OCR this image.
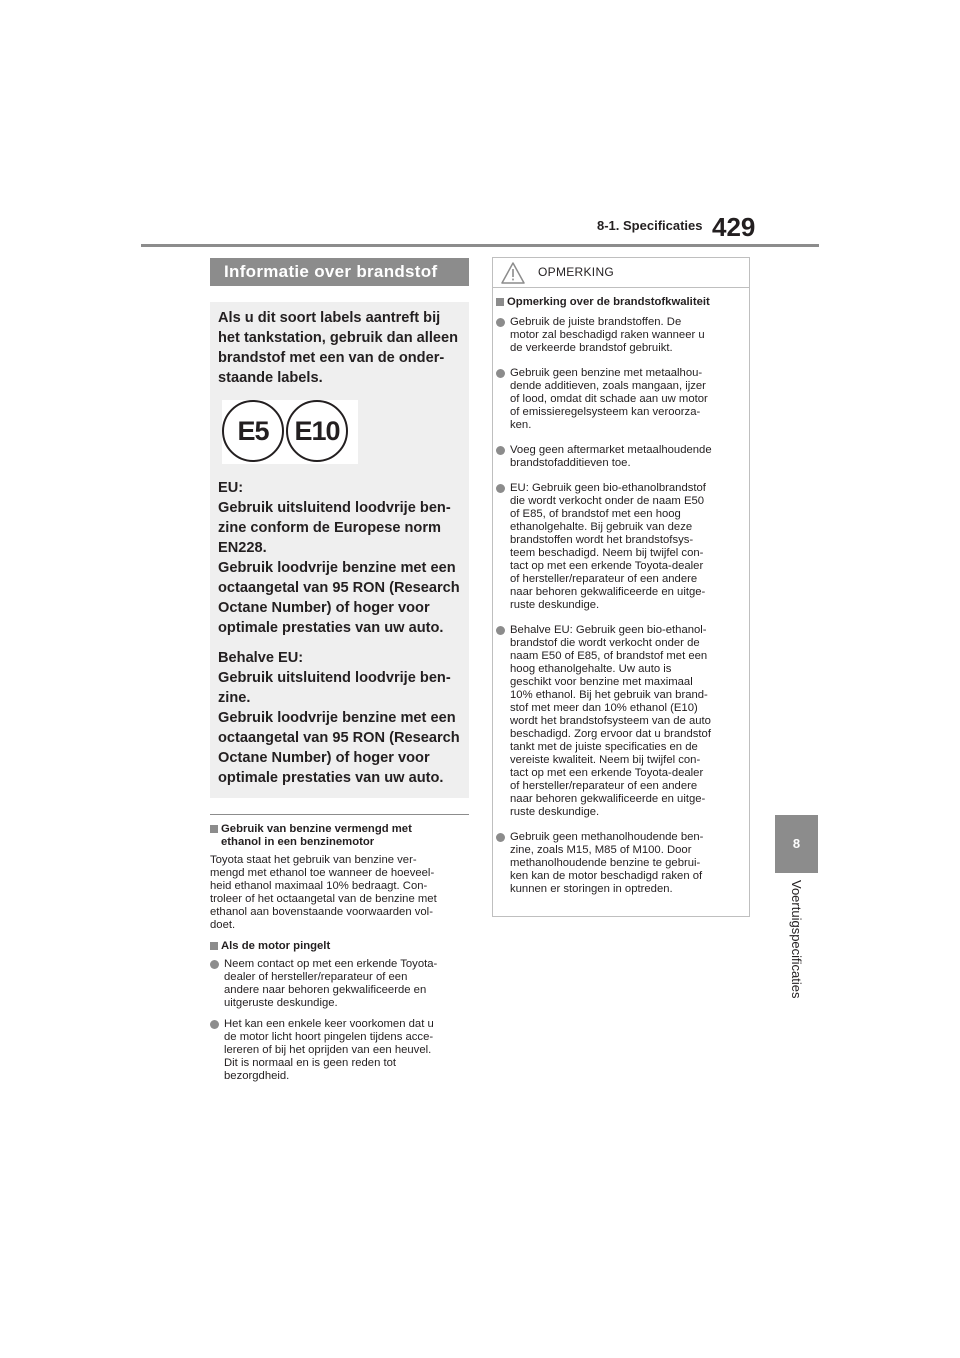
8-1. Specificaties 429
8
Voertuigspecificaties
Informatie over brandstof

Als u dit soort labels aantreft bij

het tankstation, gebruik dan alleen

brandstof met een van de onder-

staande labels.

E5 E10

EU:

Gebruik uitsluitend loodvrije ben-

zine conform de Europese norm

EN228.

Gebruik loodvrije benzine met een

octaangetal van 95 RON (Research

Octane Number) of hoger voor

optimale prestaties van uw auto.

Behalve EU:

Gebruik uitsluitend loodvrije ben-

zine.

Gebruik loodvrije benzine met een

octaangetal van 95 RON (Research

Octane Number) of hoger voor

optimale prestaties van uw auto.

Gebruik van benzine vermengd met
ethanol in een benzinemotor
Toyota staat het gebruik van benzine ver-
mengd met ethanol toe wanneer de hoeveel-
heid ethanol maximaal 10% bedraagt. Con-
troleer of het octaangetal van de benzine met
ethanol aan bovenstaande voorwaarden vol-
doet.
Als de motor pingelt
Neem contact op met een erkende Toyota-
dealer of hersteller/reparateur of een
andere naar behoren gekwalificeerde en
uitgeruste deskundige.
Het kan een enkele keer voorkomen dat u
de motor licht hoort pingelen tijdens acce-
lereren of bij het oprijden van een heuvel.
Dit is normaal en is geen reden tot
bezorgdheid.
OPMERKING
Opmerking over de brandstofkwaliteit
Gebruik de juiste brandstoffen. De
motor zal beschadigd raken wanneer u
de verkeerde brandstof gebruikt.
Gebruik geen benzine met metaalhou-
dende additieven, zoals mangaan, ijzer
of lood, omdat dit schade aan uw motor
of emissieregelsysteem kan veroorza-
ken.
Voeg geen aftermarket metaalhoudende
brandstofadditieven toe.
EU: Gebruik geen bio-ethanolbrandstof
die wordt verkocht onder de naam E50
of E85, of brandstof met een hoog
ethanolgehalte. Bij gebruik van deze
brandstoffen wordt het brandstofsys-
teem beschadigd. Neem bij twijfel con-
tact op met een erkende Toyota-dealer
of hersteller/reparateur of een andere
naar behoren gekwalificeerde en uitge-
ruste deskundige.
Behalve EU: Gebruik geen bio-ethanol-
brandstof die wordt verkocht onder de
naam E50 of E85, of brandstof met een
hoog ethanolgehalte. Uw auto is
geschikt voor benzine met maximaal
10% ethanol. Bij het gebruik van brand-
stof met meer dan 10% ethanol (E10)
wordt het brandstofsysteem van de auto
beschadigd. Zorg ervoor dat u brandstof
tankt met de juiste specificaties en de
vereiste kwaliteit. Neem bij twijfel con-
tact op met een erkende Toyota-dealer
of hersteller/reparateur of een andere
naar behoren gekwalificeerde en uitge-
ruste deskundige.
Gebruik geen methanolhoudende ben-
zine, zoals M15, M85 of M100. Door
methanolhoudende benzine te gebrui-
ken kan de motor beschadigd raken of
kunnen er storingen in optreden.
